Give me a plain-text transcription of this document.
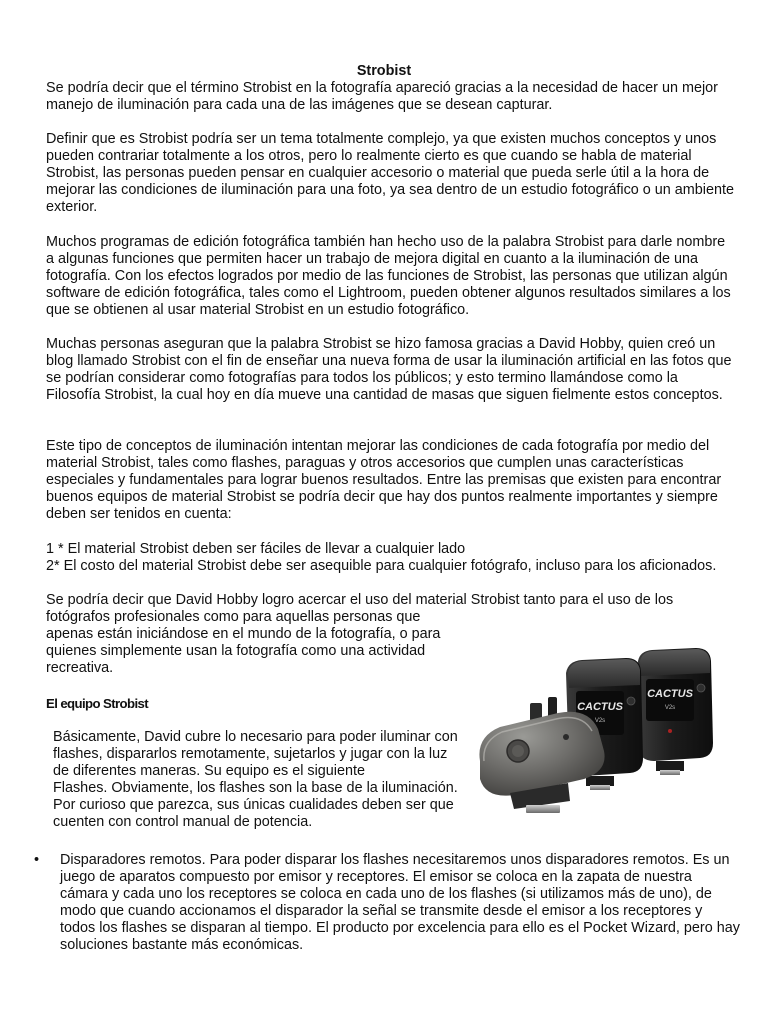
Strobist

Se podría decir que el término Strobist en la fotografía apareció gracias a la necesidad de hacer un mejor manejo de iluminación para cada una de las imágenes que se desean capturar.

Definir que es Strobist podría ser un tema totalmente complejo, ya que existen muchos conceptos y unos pueden contrariar totalmente a los otros, pero lo realmente cierto es que cuando se habla de material Strobist, las personas pueden pensar en cualquier accesorio o material que pueda serle útil a la hora de mejorar las condiciones de iluminación para una foto, ya sea dentro de un estudio fotográfico o un ambiente exterior.

Muchos programas de edición fotográfica también han hecho uso de la palabra Strobist para darle nombre a algunas funciones que permiten hacer un trabajo de mejora digital en cuanto a la iluminación de una fotografía. Con los efectos logrados por medio de las funciones de Strobist, las personas que utilizan algún software de edición fotográfica, tales como el Lightroom, pueden obtener algunos resultados similares a los que se obtienen al usar material Strobist en un estudio fotográfico.

Muchas personas aseguran que la palabra Strobist se hizo famosa gracias a David Hobby, quien creó un blog llamado Strobist con el fin de enseñar una nueva forma de usar la iluminación artificial en las fotos que se podrían considerar como fotografías para todos los públicos; y esto termino llamándose como la Filosofía Strobist, la cual hoy en día mueve una cantidad de masas que siguen fielmente estos conceptos.

Este tipo de conceptos de iluminación intentan mejorar las condiciones de cada fotografía por medio del material Strobist, tales como flashes, paraguas y otros accesorios que cumplen unas características especiales y fundamentales para lograr buenos resultados. Entre las premisas que existen para encontrar buenos equipos de material Strobist se podría decir que hay dos puntos realmente importantes y siempre deben ser tenidos en cuenta:

1 * El material Strobist deben ser fáciles de llevar a cualquier lado
2* El costo del material Strobist debe ser asequible para cualquier fotógrafo, incluso para los aficionados.
Se podría decir que David Hobby logro acercar el uso del material Strobist tanto para el uso de los
fotógrafos profesionales como para aquellas personas que apenas están iniciándose en el mundo de la fotografía, o para quienes simplemente usan la fotografía como una actividad recreativa.
El equipo Strobist
Básicamente, David cubre lo necesario para poder iluminar con
flashes, dispararlos remotamente, sujetarlos y jugar con la luz
de diferentes maneras. Su equipo es el siguiente
Flashes. Obviamente, los flashes son la base de la iluminación.
Por curioso que parezca, sus únicas cualidades deben ser que
cuenten con control manual de potencia.
• Disparadores remotos. Para poder disparar los flashes necesitaremos unos disparadores remotos. Es un juego de aparatos compuesto por emisor y receptores. El emisor se coloca en la zapata de nuestra cámara y cada uno los receptores se coloca en cada uno de los flashes (si utilizamos más de uno), de modo que cuando accionamos el disparador la señal se transmite desde el emisor a los receptores y todos los flashes se disparan al tiempo. El producto por excelencia para ello es el Pocket Wizard, pero hay soluciones bastante más económicas.
CACTUS
V2s
CACTUS
V2s
